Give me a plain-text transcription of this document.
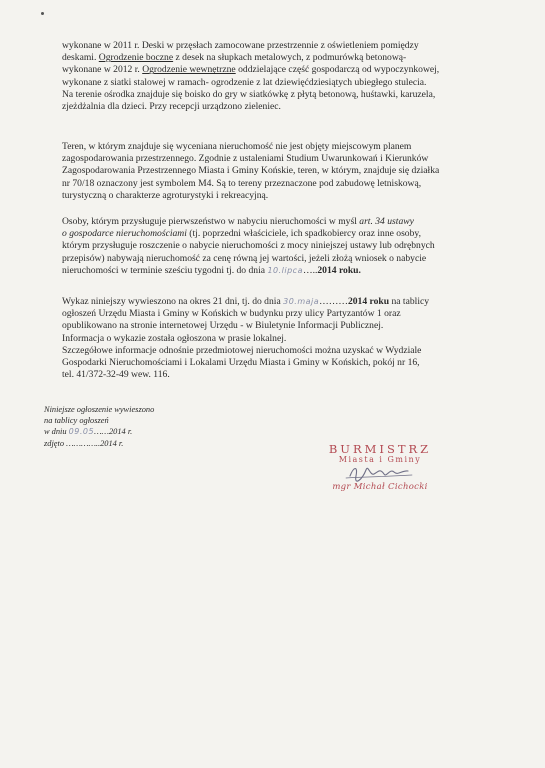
wykonane w 2011 r. Deski w przęsłach zamocowane przestrzennie z oświetleniem pomiędzy

deskami. Ogrodzenie boczne z desek na słupkach metalowych, z podmurówką betonową-

wykonane w 2012 r. Ogrodzenie wewnętrzne oddzielające część gospodarczą od wypoczynkowej,

wykonane z siatki stalowej w ramach- ogrodzenie z lat dziewięćdziesiątych ubiegłego stulecia.

Na terenie ośrodka znajduje się boisko do gry w siatkówkę z płytą betonową, huśtawki, karuzela,

zjeżdżalnia dla dzieci. Przy recepcji urządzono zieleniec.

Teren, w którym znajduje się wyceniana nieruchomość nie jest objęty miejscowym planem

zagospodarowania przestrzennego. Zgodnie z ustaleniami Studium Uwarunkowań i Kierunków

Zagospodarowania Przestrzennego Miasta i Gminy Końskie, teren, w którym, znajduje się działka

nr 70/18 oznaczony jest symbolem M4. Są to tereny przeznaczone pod zabudowę letniskową,

turystyczną o charakterze agroturystyki i rekreacyjną.

Osoby, którym przysługuje pierwszeństwo w nabyciu nieruchomości w myśl art. 34 ustawy

o gospodarce nieruchomościami (tj. poprzedni właściciele, ich spadkobiercy oraz inne osoby,

którym przysługuje roszczenie o nabycie nieruchomości z mocy niniejszej ustawy lub odrębnych

przepisów) nabywają nieruchomość za cenę równą jej wartości, jeżeli złożą wniosek o nabycie

nieruchomości w terminie sześciu tygodni tj. do dnia 10.lipca…..2014 roku.

Wykaz niniejszy wywieszono na okres 21 dni, tj. do dnia 30.maja………2014 roku na tablicy

ogłoszeń Urzędu Miasta i Gminy w Końskich w budynku przy ulicy Partyzantów 1 oraz

opublikowano na stronie internetowej Urzędu - w Biuletynie Informacji Publicznej.

Informacja o wykazie została ogłoszona w prasie lokalnej.

Szczegółowe informacje odnośnie przedmiotowej nieruchomości można uzyskać w Wydziale

Gospodarki Nieruchomościami i Lokalami Urzędu Miasta i Gminy w Końskich, pokój nr 16,

tel. 41/372-32-49 wew. 116.

Niniejsze ogłoszenie wywieszono
na tablicy ogłoszeń
w dniu 09.05……2014 r.
zdjęto …………..2014 r.	BURMISTRZ
Miasta i Gminy
mgr Michał Cichocki
